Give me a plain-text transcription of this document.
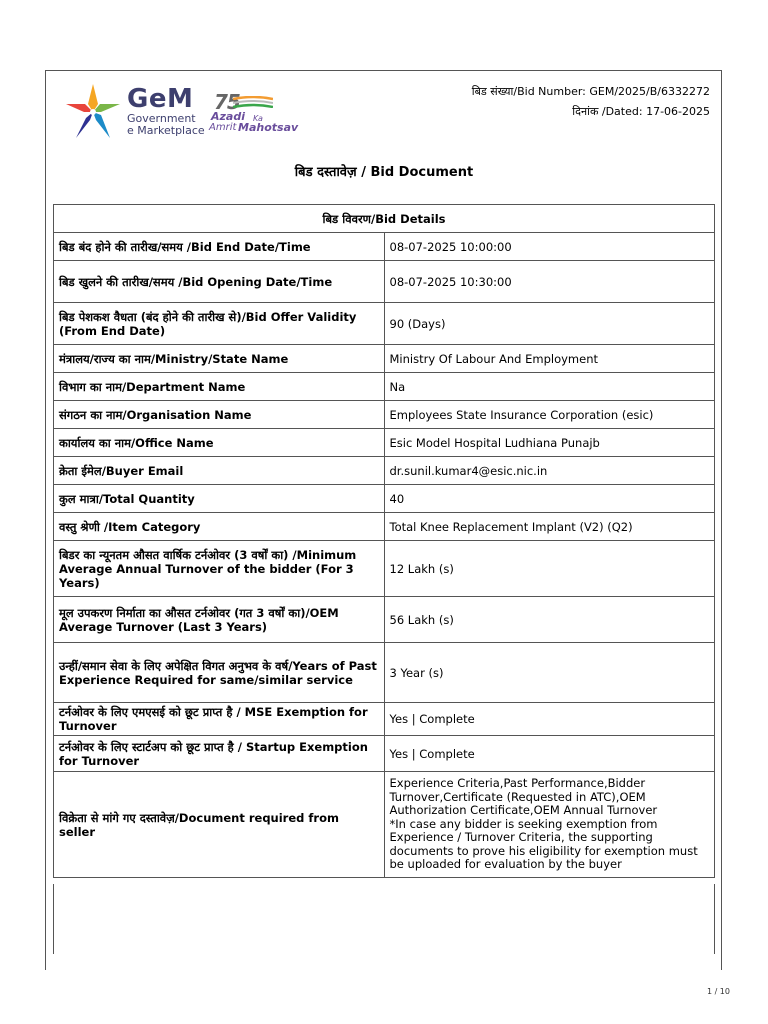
GeM
Government
e Marketplace
75
Azadi Ka
Amrit Mahotsav
बिड संख्या/Bid Number: GEM/2025/B/6332272
दिनांक /Dated: 17-06-2025
बिड दस्तावेज़ / Bid Document
बिड विवरण/Bid Details	
बिड बंद होने की तारीख/समय /Bid End Date/Time	08-07-2025 10:00:00
बिड खुलने की तारीख/समय /Bid Opening Date/Time	08-07-2025 10:30:00
बिड पेशकश वैधता (बंद होने की तारीख से)/Bid Offer Validity (From End Date)	90 (Days)
मंत्रालय/राज्य का नाम/Ministry/State Name	Ministry Of Labour And Employment
विभाग का नाम/Department Name	Na
संगठन का नाम/Organisation Name	Employees State Insurance Corporation (esic)
कार्यालय का नाम/Office Name	Esic Model Hospital Ludhiana Punajb
क्रेता ईमेल/Buyer Email	dr.sunil.kumar4@esic.nic.in
कुल मात्रा/Total Quantity	40
वस्तु श्रेणी /Item Category	Total Knee Replacement Implant (V2) (Q2)
बिडर का न्यूनतम औसत वार्षिक टर्नओवर (3 वर्षों का) /Minimum Average Annual Turnover of the bidder (For 3 Years)	12 Lakh (s)
मूल उपकरण निर्माता का औसत टर्नओवर (गत 3 वर्षों का)/OEM Average Turnover (Last 3 Years)	56 Lakh (s)
उन्हीं/समान सेवा के लिए अपेक्षित विगत अनुभव के वर्ष/Years of Past Experience Required for same/similar service	3 Year (s)
टर्नओवर के लिए एमएसई को छूट प्राप्त है / MSE Exemption for Turnover	Yes | Complete
टर्नओवर के लिए स्टार्टअप को छूट प्राप्त है / Startup Exemption for Turnover	Yes | Complete
विक्रेता से मांगे गए दस्तावेज़/Document required from seller	Experience Criteria,Past Performance,Bidder Turnover,Certificate (Requested in ATC),OEM Authorization Certificate,OEM Annual Turnover
*In case any bidder is seeking exemption from Experience / Turnover Criteria, the supporting documents to prove his eligibility for exemption must be uploaded for evaluation by the buyer
1 / 10
